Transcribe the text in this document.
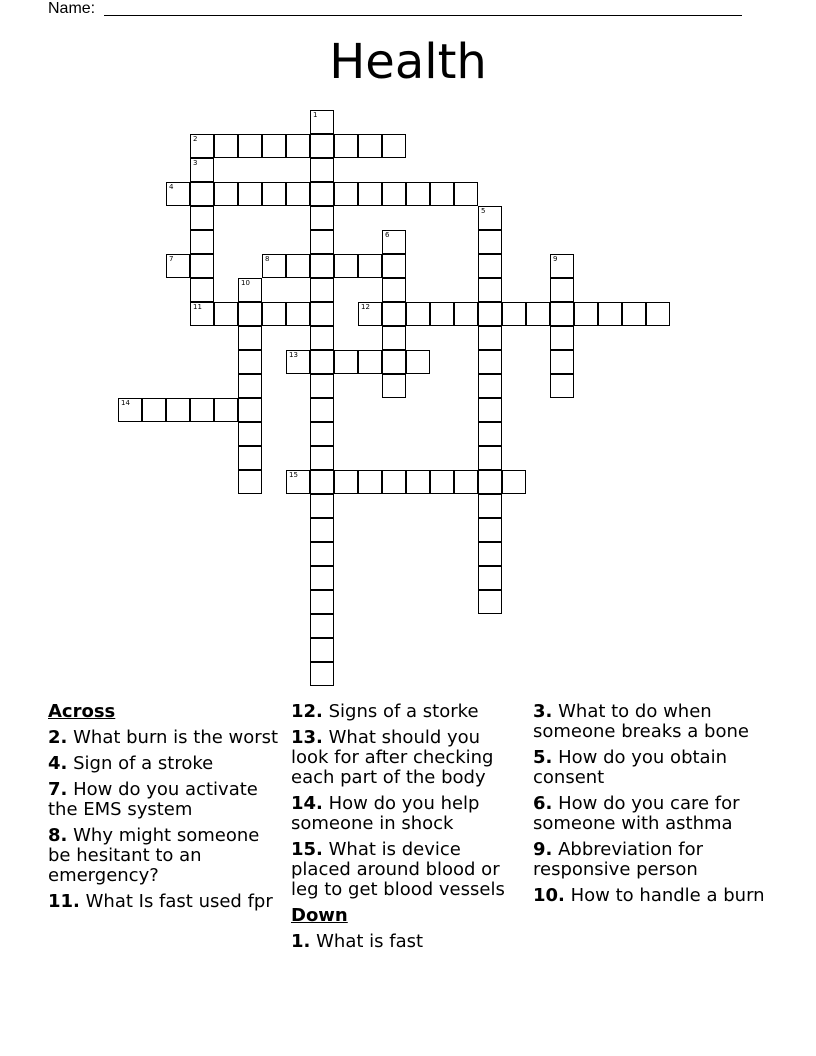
Name:
Health
2
4
7	8
11	12
13
14
15
1
3
5
6
9
10
Across
2. What burn is the worst
4. Sign of a stroke
7. How do you activate the EMS system
8. Why might someone be hesitant to an emergency?
11. What Is fast used fpr
12. Signs of a storke
13. What should you look for after checking each part of the body
14. How do you help someone in shock
15. What is device placed around blood or leg to get blood vessels
Down
1. What is fast
3. What to do when someone breaks a bone
5. How do you obtain consent
6. How do you care for someone with asthma
9. Abbreviation for responsive person
10. How to handle a burn
